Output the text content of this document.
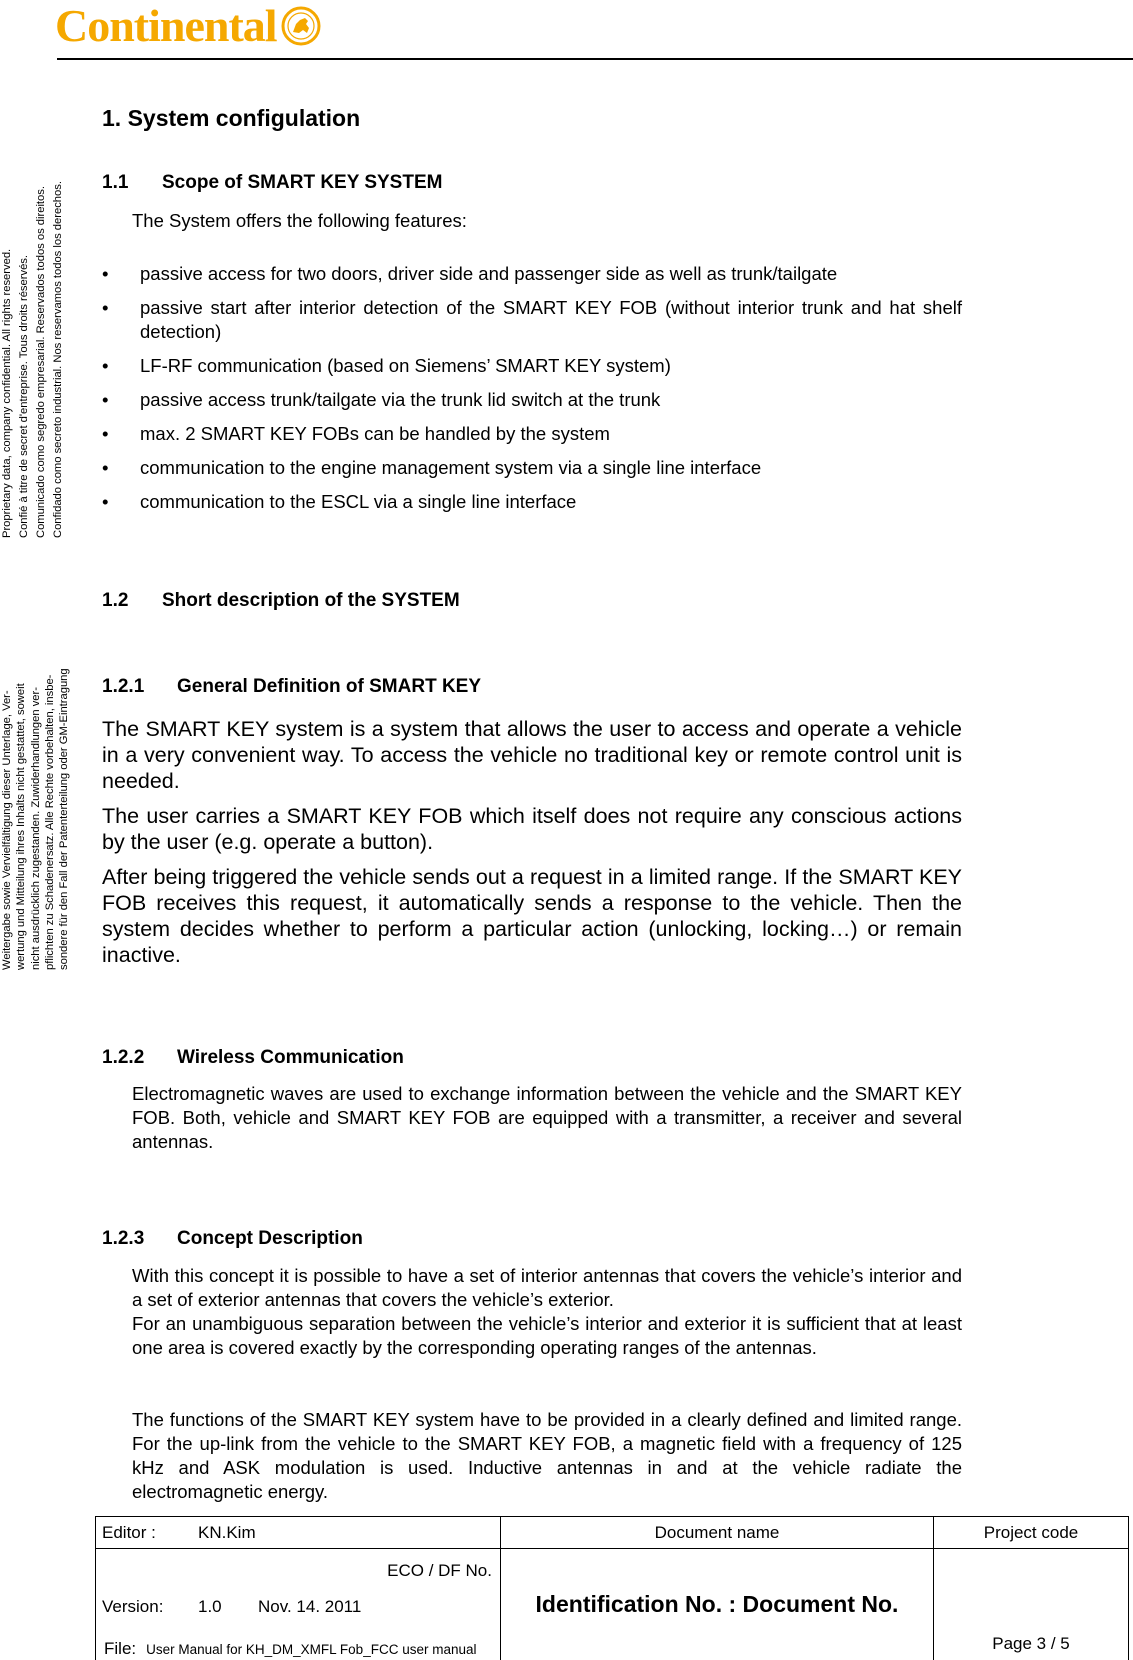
Continental
Proprietary data, company confidential. All rights reserved. Confié à titre de secret d'entreprise. Tous droits réservés. Comunicado como segredo empresarial. Reservados todos os direitos. Confidado como secreto industrial. Nos reservamos todos los derechos.
Weitergabe sowie Vervielfältigung dieser Unterlage, Ver- wertung und Mitteilung ihres Inhalts nicht gestattet, soweit nicht ausdrücklich zugestanden. Zuwiderhandlungen ver- pflichten zu Schadenersatz. Alle Rechte vorbehalten, insbe- sondere für den Fall der Patenterteilung oder GM-Eintragung
1. System configulation
1.1 Scope of SMART KEY SYSTEM
The System offers the following features:
• passive access for two doors, driver side and passenger side as well as trunk/tailgate
• passive start after interior detection of the SMART KEY FOB (without interior trunk and hat shelf detection)
• LF-RF communication (based on Siemens’ SMART KEY system)
• passive access trunk/tailgate via the trunk lid switch at the trunk
• max. 2 SMART KEY FOBs can be handled by the system
• communication to the engine management system via a single line interface
• communication to the ESCL via a single line interface
1.2 Short description of the SYSTEM
1.2.1 General Definition of SMART KEY

The SMART KEY system is a system that allows the user to access and operate a vehicle in a very convenient way. To access the vehicle no traditional key or remote control unit is needed.

The user carries a SMART KEY FOB which itself does not require any conscious actions by the user (e.g. operate a button).

After being triggered the vehicle sends out a request in a limited range. If the SMART KEY FOB receives this request, it automatically sends a response to the vehicle. Then the system decides whether to perform a particular action (unlocking, locking…) or remain inactive.

1.2.2 Wireless Communication

Electromagnetic waves are used to exchange information between the vehicle and the SMART KEY FOB. Both, vehicle and SMART KEY FOB are equipped with a transmitter, a receiver and several antennas.

1.2.3 Concept Description

With this concept it is possible to have a set of interior antennas that covers the vehicle’s interior and a set of exterior antennas that covers the vehicle’s exterior.

For an unambiguous separation between the vehicle’s interior and exterior it is sufficient that at least one area is covered exactly by the corresponding operating ranges of the antennas.

The functions of the SMART KEY system have to be provided in a clearly defined and limited range. For the up-link from the vehicle to the SMART KEY FOB, a magnetic field with a frequency of 125 kHz and ASK modulation is used. Inductive antennas in and at the vehicle radiate the electromagnetic energy.

Editor : KN.Kim	Document name	Project code

ECO / DF No.
Version: 1.0 Nov. 14. 2011
File: User Manual for KH_DM_XMFL Fob_FCC user manual	Identification No. : Document No.	Page 3 / 5
